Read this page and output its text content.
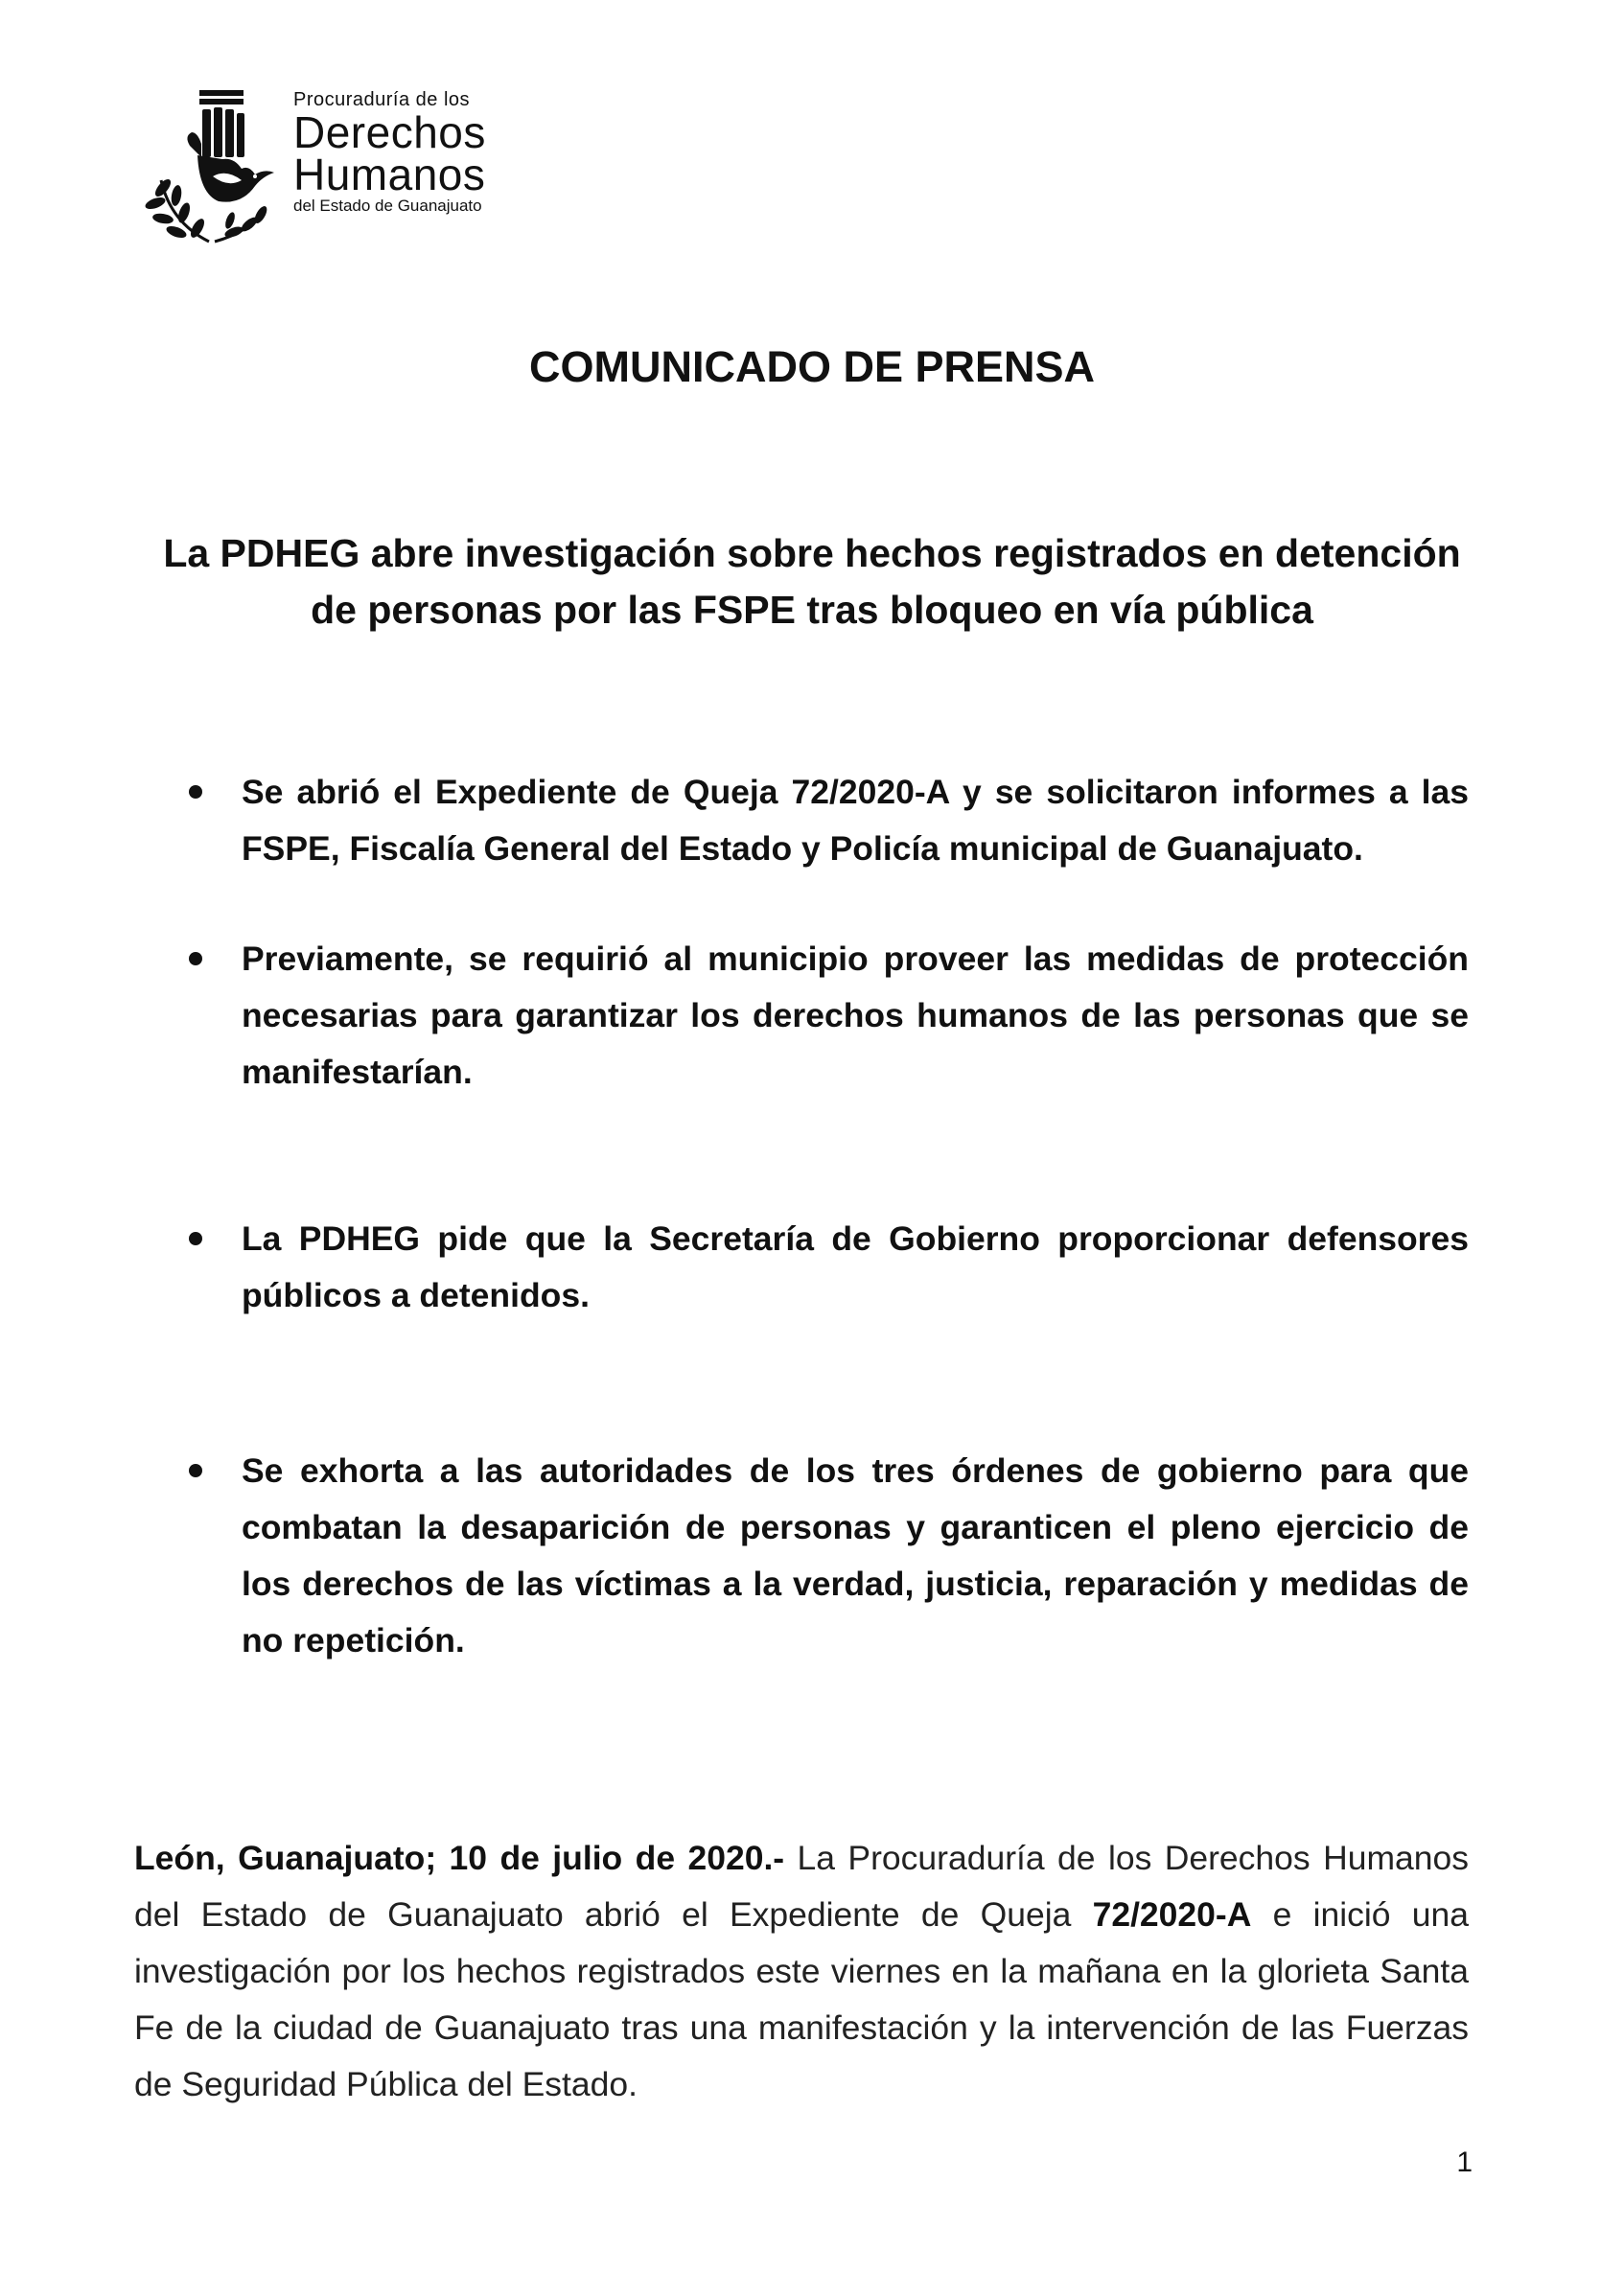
Procuraduría de los
Derechos
Humanos
del Estado de Guanajuato
COMUNICADO DE PRENSA
La PDHEG abre investigación sobre hechos registrados en detención de personas por las FSPE tras bloqueo en vía pública
Se abrió el Expediente de Queja 72/2020-A y se solicitaron informes a las FSPE, Fiscalía General del Estado y Policía municipal de Guanajuato.
Previamente, se requirió al municipio proveer las medidas de protección necesarias para garantizar los derechos humanos de las personas que se manifestarían.
La PDHEG pide que la Secretaría de Gobierno proporcionar defensores públicos a detenidos.
Se exhorta a las autoridades de los tres órdenes de gobierno para que combatan la desaparición de personas y garanticen el pleno ejercicio de los derechos de las víctimas a la verdad, justicia, reparación y medidas de no repetición.

León, Guanajuato; 10 de julio de 2020.- La Procuraduría de los Derechos Humanos del Estado de Guanajuato abrió el Expediente de Queja 72/2020-A e inició una investigación por los hechos registrados este viernes en la mañana en la glorieta Santa Fe de la ciudad de Guanajuato tras una manifestación y la intervención de las Fuerzas de Seguridad Pública del Estado.

1
